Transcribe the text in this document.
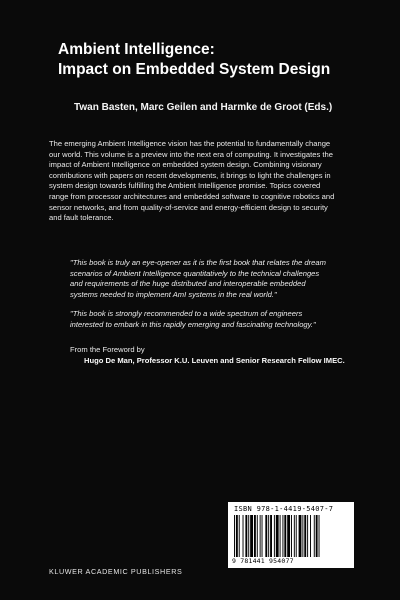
Ambient Intelligence:
Impact on Embedded System Design
Twan Basten, Marc Geilen and Harmke de Groot (Eds.)
The emerging Ambient Intelligence vision has the potential to fundamentally change
our world. This volume is a preview into the next era of computing. It investigates the
impact of Ambient Intelligence on embedded system design. Combining visionary
contributions with papers on recent developments, it brings to light the challenges in
system design towards fulfilling the Ambient Intelligence promise. Topics covered
range from processor architectures and embedded software to cognitive robotics and
sensor networks, and from quality-of-service and energy-efficient design to security
and fault tolerance.
"This book is truly an eye-opener as it is the first book that relates the dream
scenarios of Ambient Intelligence quantitatively to the technical challenges
and requirements of the huge distributed and interoperable embedded
systems needed to implement AmI systems in the real world."
"This book is strongly recommended to a wide spectrum of engineers
interested to embark in this rapidly emerging and fascinating technology."
From the Foreword by
Hugo De Man, Professor K.U. Leuven and Senior Research Fellow IMEC.
ISBN 978-1-4419-5407-7
9 781441 954077
KLUWER ACADEMIC PUBLISHERS
